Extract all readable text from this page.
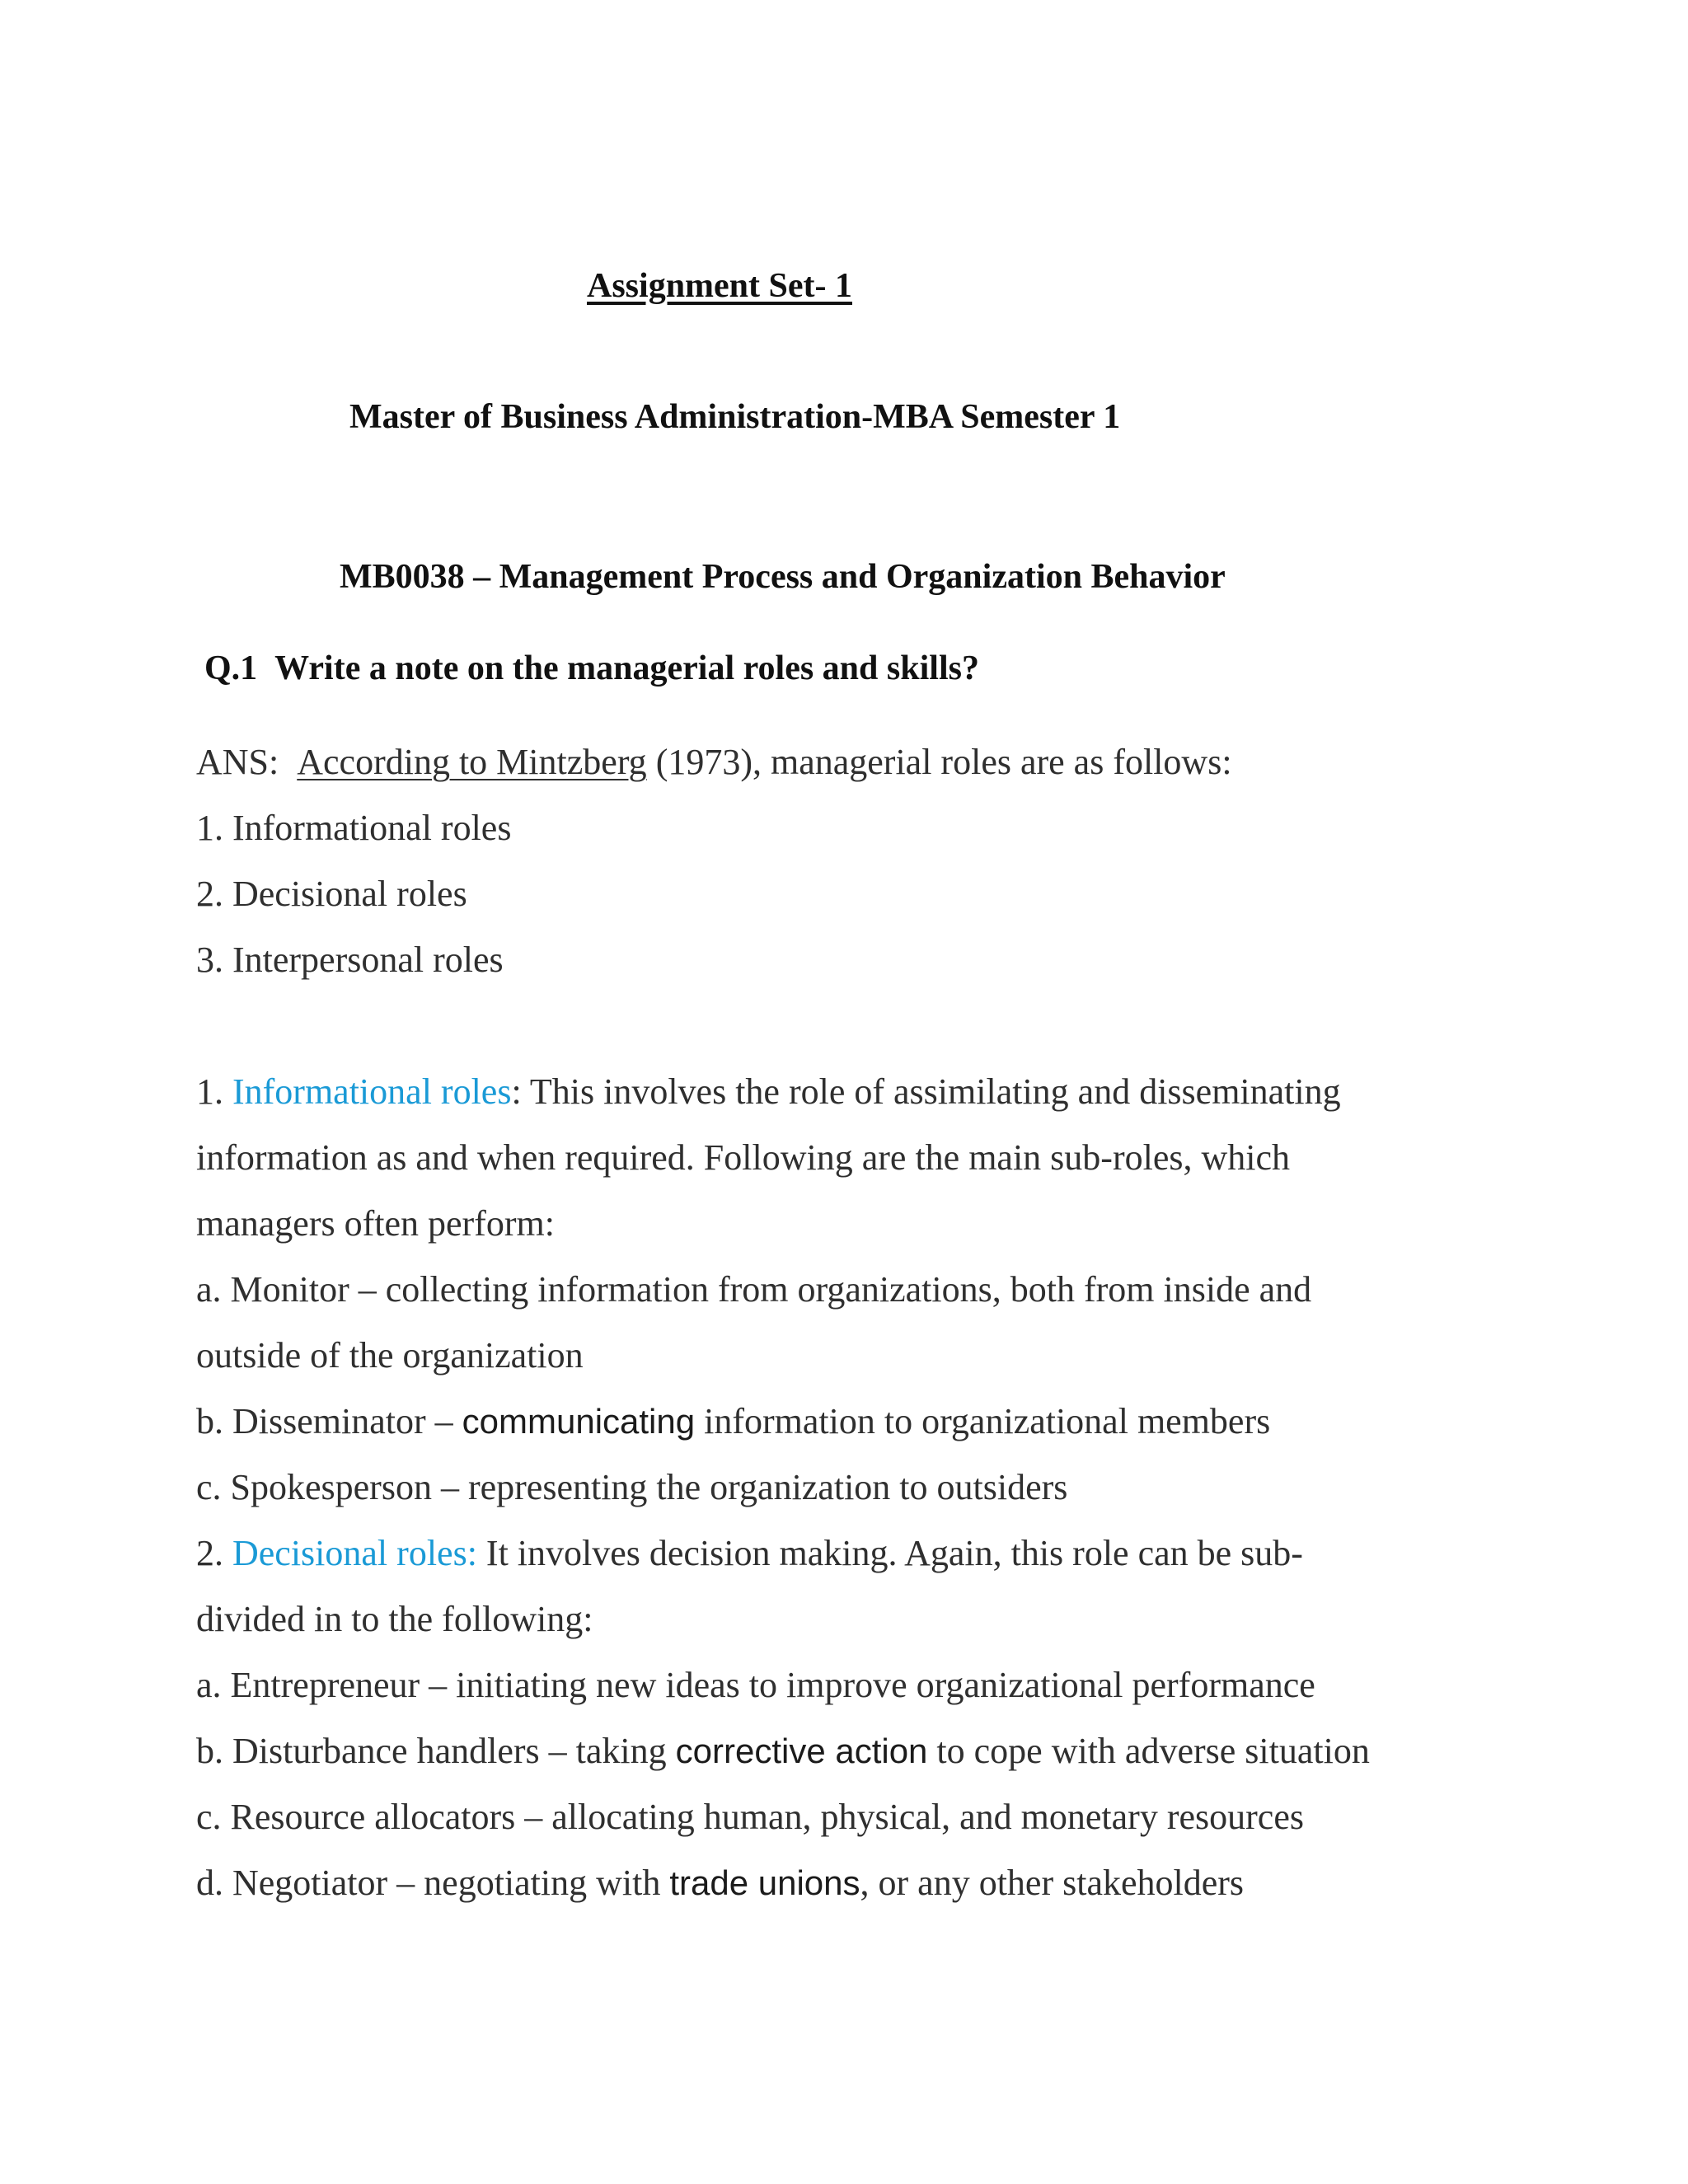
Assignment Set- 1

Master of Business Administration-MBA Semester 1

MB0038 – Management Process and Organization Behavior

Q.1 Write a note on the managerial roles and skills?

ANS: According to Mintzberg (1973), managerial roles are as follows:

1. Informational roles

2. Decisional roles

3. Interpersonal roles

1. Informational roles: This involves the role of assimilating and disseminating

information as and when required. Following are the main sub-roles, which

managers often perform:

a. Monitor – collecting information from organizations, both from inside and

outside of the organization

b. Disseminator – communicating information to organizational members

c. Spokesperson – representing the organization to outsiders

2. Decisional roles: It involves decision making. Again, this role can be sub-

divided in to the following:

a. Entrepreneur – initiating new ideas to improve organizational performance

b. Disturbance handlers – taking corrective action to cope with adverse situation

c. Resource allocators – allocating human, physical, and monetary resources

d. Negotiator – negotiating with trade unions, or any other stakeholders
